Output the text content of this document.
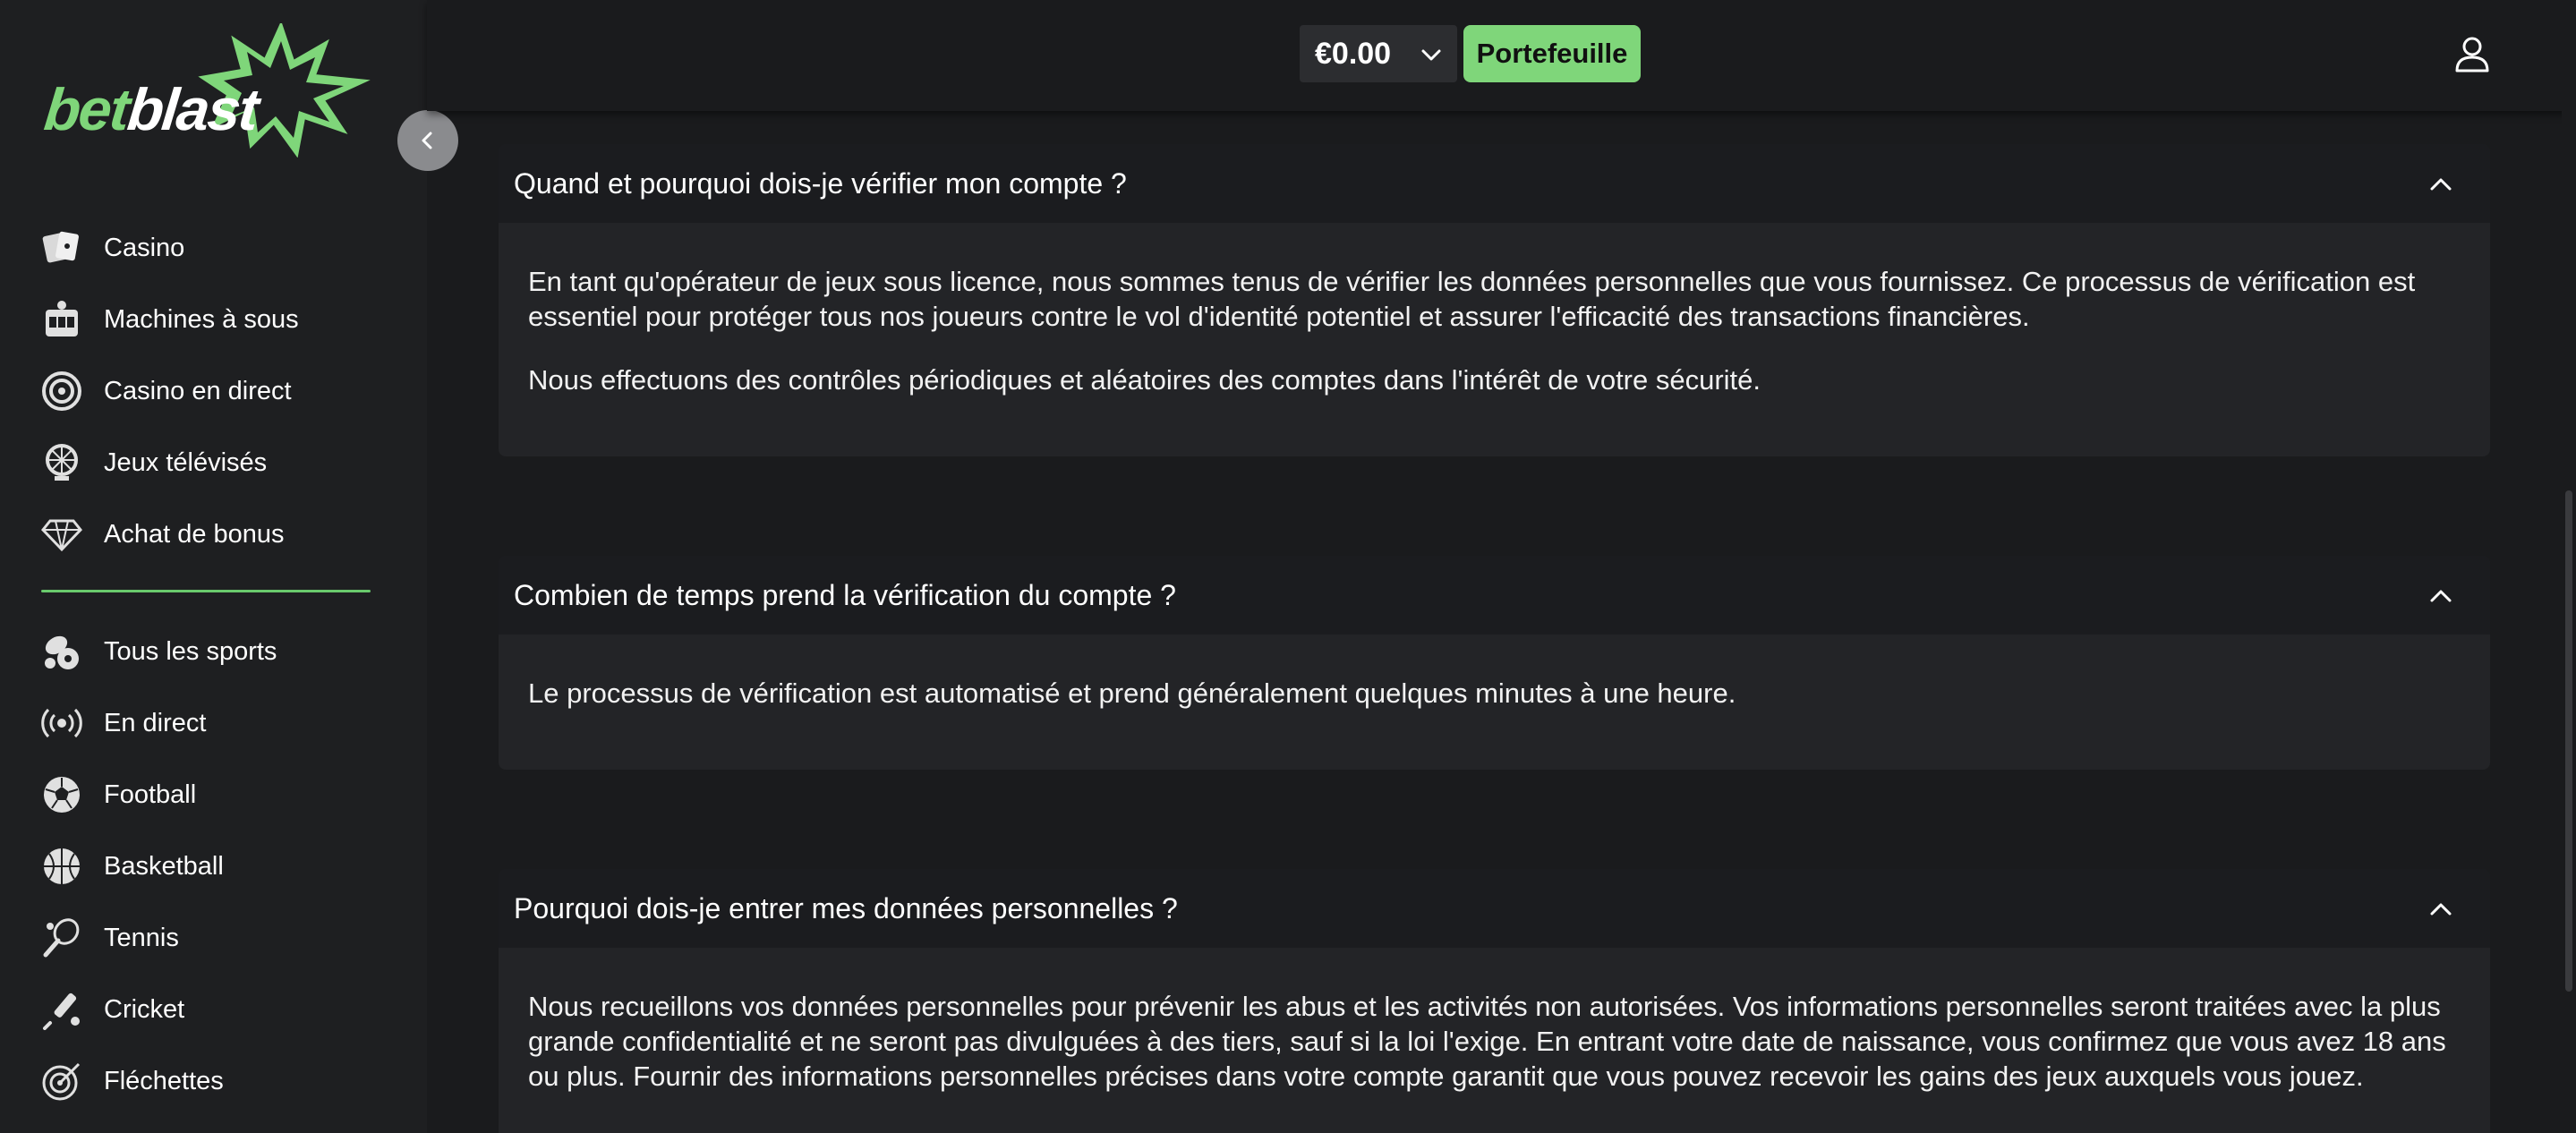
betblast
Casino
Machines à sous
Casino en direct
Jeux télévisés
Achat de bonus
Tous les sports
En direct
Football
Basketball
Tennis
Cricket
Fléchettes
€0.00	Portefeuille
Quand et pourquoi dois-je vérifier mon compte ?

En tant qu'opérateur de jeux sous licence, nous sommes tenus de vérifier les données personnelles que vous fournissez. Ce processus de vérification est essentiel pour protéger tous nos joueurs contre le vol d'identité potentiel et assurer l'efficacité des transactions financières.

Nous effectuons des contrôles périodiques et aléatoires des comptes dans l'intérêt de votre sécurité.

Combien de temps prend la vérification du compte ?

Le processus de vérification est automatisé et prend généralement quelques minutes à une heure.

Pourquoi dois-je entrer mes données personnelles ?

Nous recueillons vos données personnelles pour prévenir les abus et les activités non autorisées. Vos informations personnelles seront traitées avec la plus grande confidentialité et ne seront pas divulguées à des tiers, sauf si la loi l'exige. En entrant votre date de naissance, vous confirmez que vous avez 18 ans ou plus. Fournir des informations personnelles précises dans votre compte garantit que vous pouvez recevoir les gains des jeux auxquels vous jouez.
